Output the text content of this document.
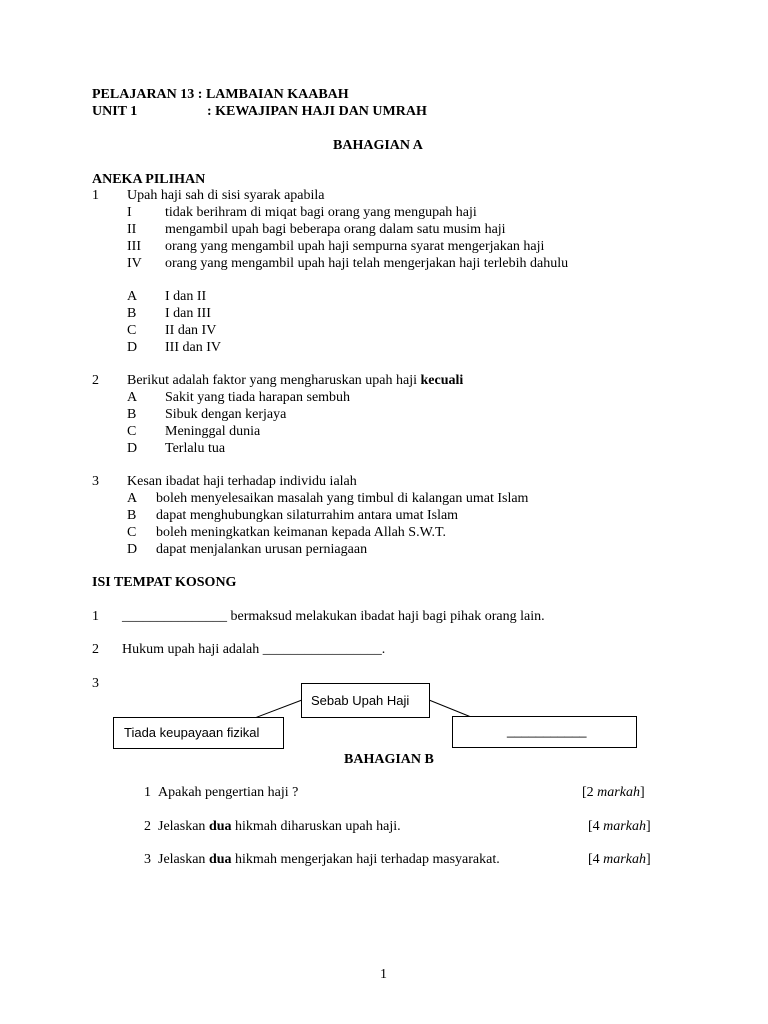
PELAJARAN 13 : LAMBAIAN KAABAH
UNIT 1	: KEWAJIPAN HAJI DAN UMRAH
BAHAGIAN A
ANEKA PILIHAN
1 Upah haji sah di sisi syarak apabila
I tidak berihram di miqat bagi orang yang mengupah haji
II mengambil upah bagi beberapa orang dalam satu musim haji
III orang yang mengambil upah haji sempurna syarat mengerjakan haji
IV orang yang mengambil upah haji telah mengerjakan haji terlebih dahulu
A I dan II
B I dan III
C II dan IV
D III dan IV
2 Berikut adalah faktor yang mengharuskan upah haji kecuali
A Sakit yang tiada harapan sembuh
B Sibuk dengan kerjaya
C Meninggal dunia
D Terlalu tua
3 Kesan ibadat haji terhadap individu ialah
A boleh menyelesaikan masalah yang timbul di kalangan umat Islam
B dapat menghubungkan silaturrahim antara umat Islam
C boleh meningkatkan keimanan kepada Allah S.W.T.
D dapat menjalankan urusan perniagaan
ISI TEMPAT KOSONG
1 _______________ bermaksud melakukan ibadat haji bagi pihak orang lain.
2 Hukum upah haji adalah _________________.
3
Sebab Upah Haji
Tiada keupayaan fizikal	___________
BAHAGIAN B
1 Apakah pengertian haji ?	[2 markah]
2 Jelaskan dua hikmah diharuskan upah haji.	[4 markah]
3 Jelaskan dua hikmah mengerjakan haji terhadap masyarakat.	[4 markah]
1
